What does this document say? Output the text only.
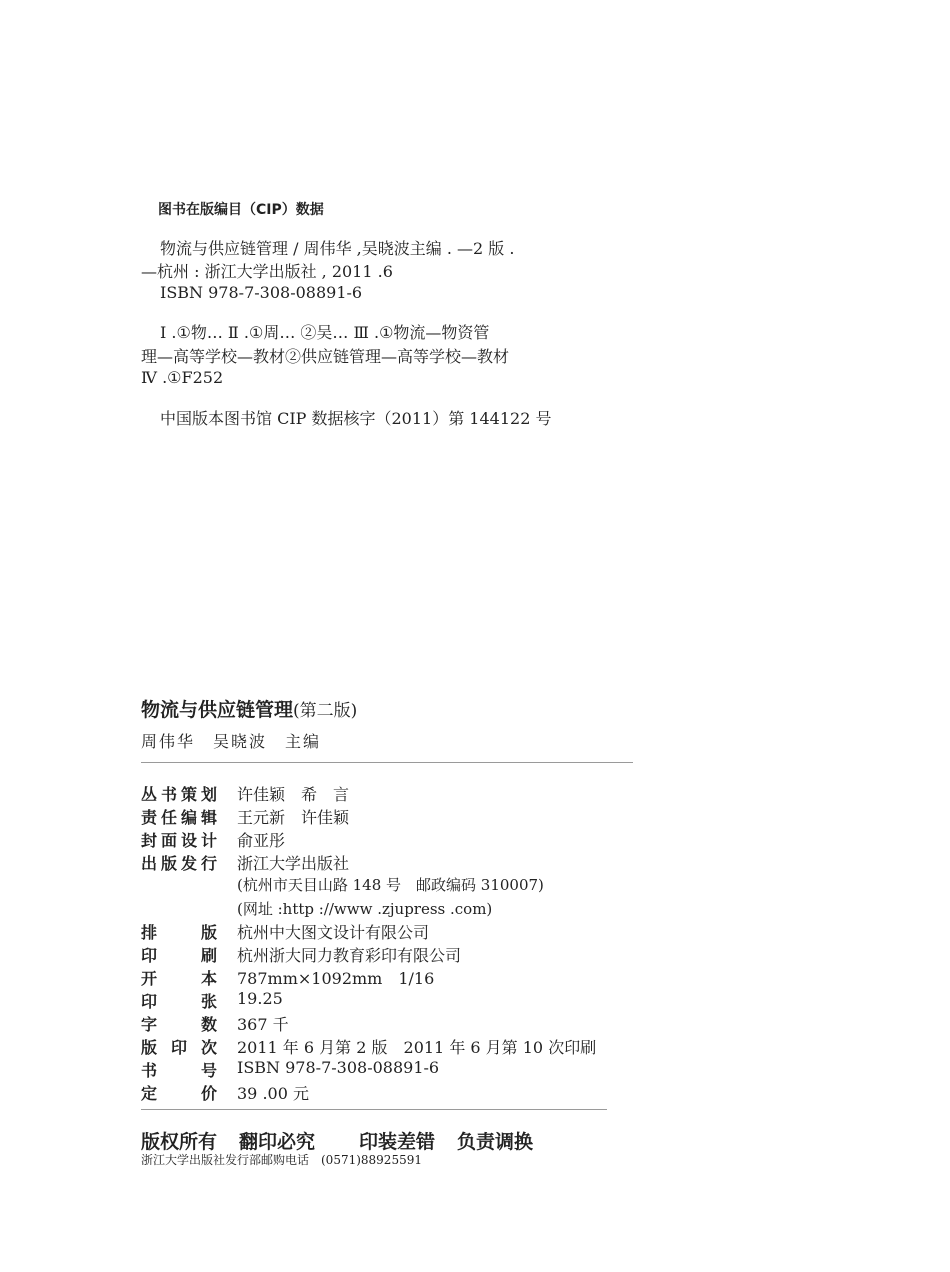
图书在版编目（CIP）数据
物流与供应链管理 / 周伟华 ,吴晓波主编 . —2 版 .
—杭州 : 浙江大学出版社 , 2011 .6
ISBN 978-7-308-08891-6
Ⅰ .①物… Ⅱ .①周… ②吴… Ⅲ .①物流—物资管
理—高等学校—教材②供应链管理—高等学校—教材
Ⅳ .①F252
中国版本图书馆 CIP 数据核字（2011）第 144122 号
物流与供应链管理(第二版)
周伟华　吴晓波　主编
丛 书 策 划 许佳颖　希　言
责 任 编 辑 王元新　许佳颖
封 面 设 计 俞亚彤
出 版 发 行 浙江大学出版社
(杭州市天目山路 148 号　邮政编码 310007)
(网址 :http ://www .zjupress .com)
排	版 杭州中大图文设计有限公司
印	刷 杭州浙大同力教育彩印有限公司
开	本 787mm×1092mm　1/16
印	张 19.25
字	数 367 千
版 印 次 2011 年 6 月第 2 版　2011 年 6 月第 10 次印刷
书	号 ISBN 978-7-308-08891-6
定	价 39 .00 元
版权所有 翻印必究 印装差错 负责调换
浙江大学出版社发行部邮购电话　(0571)88925591
